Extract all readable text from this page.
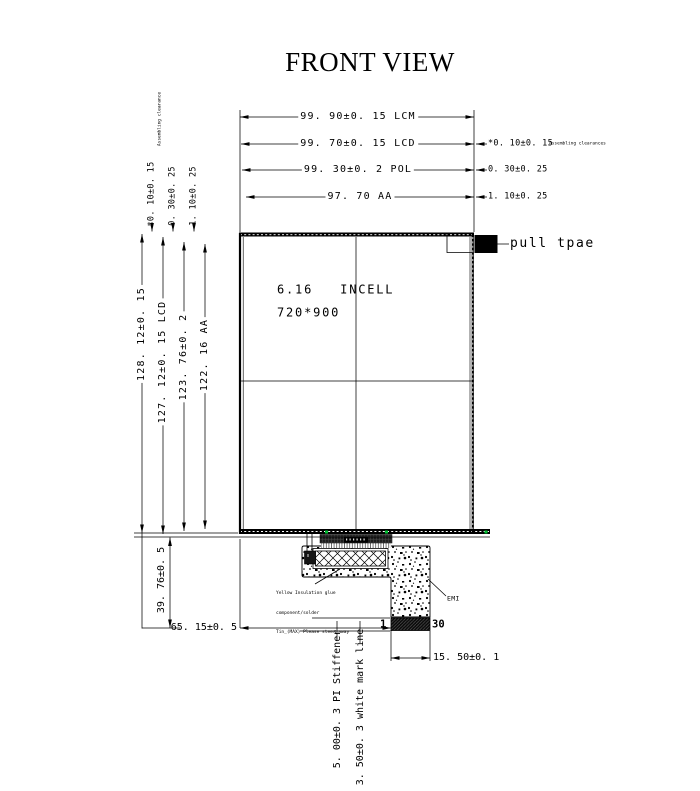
FRONT VIEW
99. 90±0. 15 LCM
99. 70±0. 15 LCD
99. 30±0. 2 POL
97. 70 AA
*0. 10±0. 15
Assembling clearances
0. 30±0. 25
1. 10±0. 25
pull tpae
*0. 10±0. 15
Assembling clearance
0. 30±0. 25 1. 10±0. 25
128. 12±0. 15 127. 12±0. 15 LCD 123. 76±0. 2 122. 16 AA
6.16   INCELL
720*900
39. 76±0. 5
65. 15±0. 5
15. 50±0. 1
1	30
5. 00±0. 3 PI Stiffener 3. 50±0. 3 white mark line
EMI

Yellow Insulation glue

component/solder

Tin_(MAX) Please steer away
